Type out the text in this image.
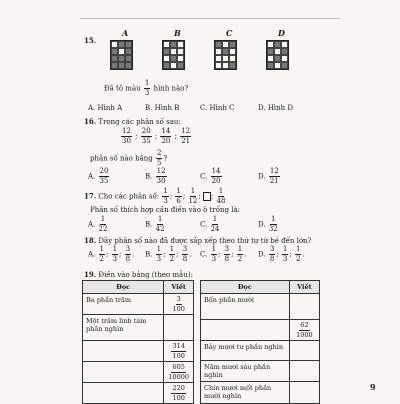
15.
A	B	C	D
Đã tô màu $\frac{1}{3}$ hình nào?
A. Hình A	B. Hình B	C. Hình C	D. Hình D
16. Trong các phân số sau:
$\frac{12}{30}$ ; $\frac{20}{35}$ ; $\frac{14}{20}$ ; $\frac{12}{21}$
phân số nào bằng $\frac{2}{5}$ ?
A. $\frac{20}{35}$	B. $\frac{12}{30}$	C. $\frac{14}{20}$	D. $\frac{12}{21}$
17. Cho các phân số: $\frac{1}{3}$ ; $\frac{1}{6}$ ; $\frac{1}{12}$ ; ; $\frac{1}{48}$
Phân số thích hợp cần điền vào ô trống là:
A. $\frac{1}{22}$	B. $\frac{1}{42}$	C. $\frac{1}{24}$	D. $\frac{1}{32}$
18. Dãy phân số nào đã được sắp xếp theo thứ tự từ bé đến lớn?
A. $\frac{1}{2}$ ; $\frac{1}{3}$ ; $\frac{3}{8}$ . B. $\frac{1}{3}$ ; $\frac{1}{2}$ ; $\frac{3}{8}$ . C. $\frac{1}{3}$ ; $\frac{3}{8}$ ; $\frac{1}{2}$ . D. $\frac{3}{8}$ ; $\frac{1}{3}$ ; $\frac{1}{2}$ .
19. Điền vào bảng (theo mẫu):
Đọc	Viết
Ba phần trăm	$\frac{3}{100}$

Một trăm linh tám phần nghìn	

	$\frac{314}{100}$

	$\frac{605}{10000}$

	$\frac{220}{100}$
Đọc	Viết
Bốn phần mười	

	$\frac{62}{1000}$

Bảy mươi tư phần nghìn	
Năm mươi sáu phần nghìn	
Chín mươi mốt phần mười nghìn	
9
